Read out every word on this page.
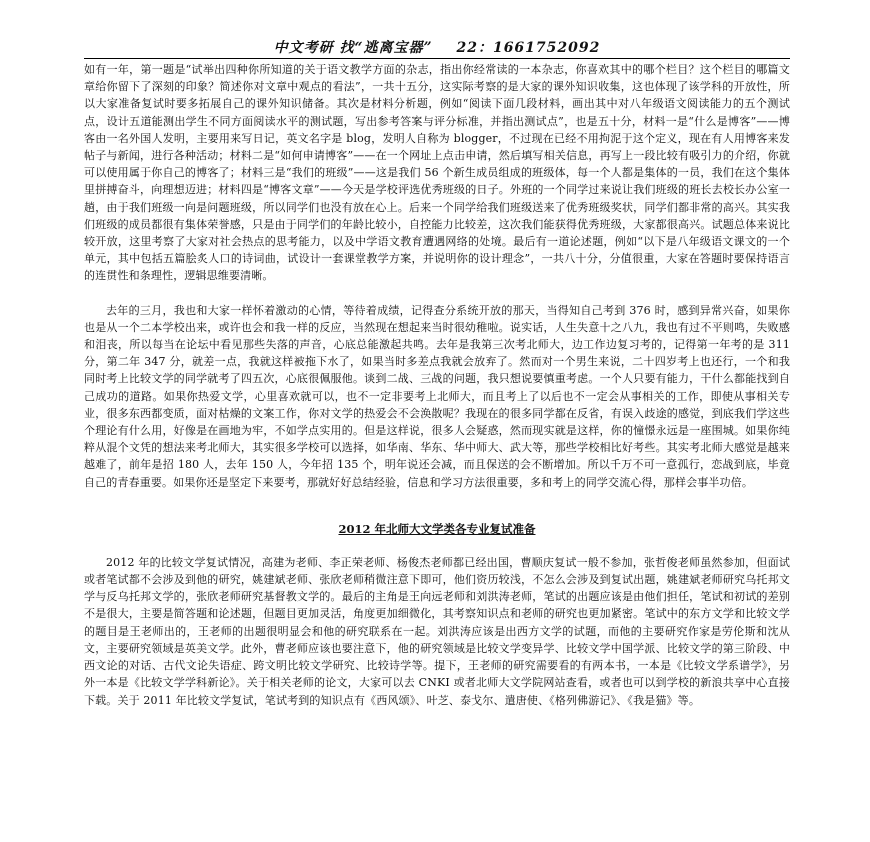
中文考研 找“逃离宝器” 22：1661752092

如有一年，第一题是“试举出四种你所知道的关于语文教学方面的杂志，指出你经常读的一本杂志，你喜欢其中的哪个栏目？这个栏目的哪篇文章给你留下了深刻的印象？简述你对文章中观点的看法”，一共十五分，这实际考察的是大家的课外知识收集，这也体现了该学科的开放性，所以大家准备复试时要多拓展自己的课外知识储备。其次是材料分析题，例如“阅读下面几段材料，画出其中对八年级语文阅读能力的五个测试点，设计五道能测出学生不同方面阅读水平的测试题，写出参考答案与评分标准，并指出测试点”，也是五十分，材料一是“什么是博客”——博客由一名外国人发明，主要用来写日记，英文名字是 blog，发明人自称为 blogger，不过现在已经不用拘泥于这个定义，现在有人用博客来发帖子与新闻，进行各种活动；材料二是“如何申请博客”——在一个网址上点击申请，然后填写相关信息，再写上一段比较有吸引力的介绍，你就可以使用属于你自己的博客了；材料三是“我们的班级”——这是我们 56 个新生成员组成的班级体，每一个人都是集体的一员，我们在这个集体里拼搏奋斗，向理想迈进；材料四是“博客文章”——今天是学校评选优秀班级的日子。外班的一个同学过来说让我们班级的班长去校长办公室一趟，由于我们班级一向是问题班级，所以同学们也没有放在心上。后来一个同学给我们班级送来了优秀班级奖状，同学们都非常的高兴。其实我们班级的成员都很有集体荣誉感，只是由于同学们的年龄比较小，自控能力比较差，这次我们能获得优秀班级，大家都很高兴。试题总体来说比较开放，这里考察了大家对社会热点的思考能力，以及中学语文教育遭遇网络的处境。最后有一道论述题，例如“以下是八年级语文课文的一个单元，其中包括五篇脍炙人口的诗词曲，试设计一套课堂教学方案，并说明你的设计理念”，一共八十分，分值很重，大家在答题时要保持语言的连贯性和条理性，逻辑思维要清晰。

去年的三月，我也和大家一样怀着激动的心情，等待着成绩，记得查分系统开放的那天，当得知自己考到 376 时，感到异常兴奋，如果你也是从一个二本学校出来，或许也会和我一样的反应，当然现在想起来当时很幼稚啦。说实话，人生失意十之八九，我也有过不平则鸣，失败感和泪丧，所以每当在论坛中看见那些失落的声音，心底总能激起共鸣。去年是我第三次考北师大，边工作边复习考的，记得第一年考的是 311 分，第二年 347 分，就差一点，我就这样被拖下水了，如果当时多差点我就会放弃了。然而对一个男生来说，二十四岁考上也还行，一个和我同时考上比较文学的同学就考了四五次，心底很佩服他。谈到二战、三战的问题，我只想说要慎重考虑。一个人只要有能力，干什么都能找到自己成功的道路。如果你热爱文学，心里喜欢就可以，也不一定非要考上北师大，而且考上了以后也不一定会从事相关的工作，即使从事相关专业，很多东西都变质，面对枯燥的文案工作，你对文学的热爱会不会涣散呢？我现在的很多同学都在反省，有误入歧途的感觉，到底我们学这些个理论有什么用，好像是在画地为牢，不如学点实用的。但是这样说，很多人会疑惑，然而现实就是这样，你的憧憬永远是一座围城。如果你纯粹从混个文凭的想法来考北师大，其实很多学校可以选择，如华南、华东、华中师大、武大等，那些学校相比好考些。其实考北师大感觉是越来越难了，前年是招 180 人，去年 150 人，今年招 135 个，明年说还会减，而且保送的会不断增加。所以千万不可一意孤行，恋战到底，毕竟自己的青春重要。如果你还是坚定下来要考，那就好好总结经验，信息和学习方法很重要，多和考上的同学交流心得，那样会事半功倍。

2012 年北师大文学类各专业复试准备

2012 年的比较文学复试情况，高建为老师、李正荣老师、杨俊杰老师都已经出国，曹顺庆复试一般不参加，张哲俊老师虽然参加，但面试或者笔试都不会涉及到他的研究，姚建斌老师、张欣老师稍微注意下即可，他们资历较浅，不怎么会涉及到复试出题，姚建斌老师研究乌托邦文学与反乌托邦文学的，张欣老师研究基督教文学的。最后的主角是王向远老师和刘洪涛老师，笔试的出题应该是由他们担任，笔试和初试的差别不是很大，主要是简答题和论述题，但题目更加灵活，角度更加细微化，其考察知识点和老师的研究也更加紧密。笔试中的东方文学和比较文学的题目是王老师出的，王老师的出题很明显会和他的研究联系在一起。刘洪涛应该是出西方文学的试题，而他的主要研究作家是劳伦斯和沈从文，主要研究领域是英美文学。此外，曹老师应该也要注意下，他的研究领域是比较文学变异学、比较文学中国学派、比较文学的第三阶段、中西文论的对话、古代文论失语症、跨文明比较文学研究、比较诗学等。提下，王老师的研究需要看的有两本书，一本是《比较文学系谱学》，另外一本是《比较文学学科新论》。关于相关老师的论文，大家可以去 CNKI 或者北师大文学院网站查看，或者也可以到学校的新浪共享中心直接下载。关于 2011 年比较文学复试，笔试考到的知识点有《西风颂》、叶芝、泰戈尔、遣唐使、《格列佛游记》、《我是猫》等。
